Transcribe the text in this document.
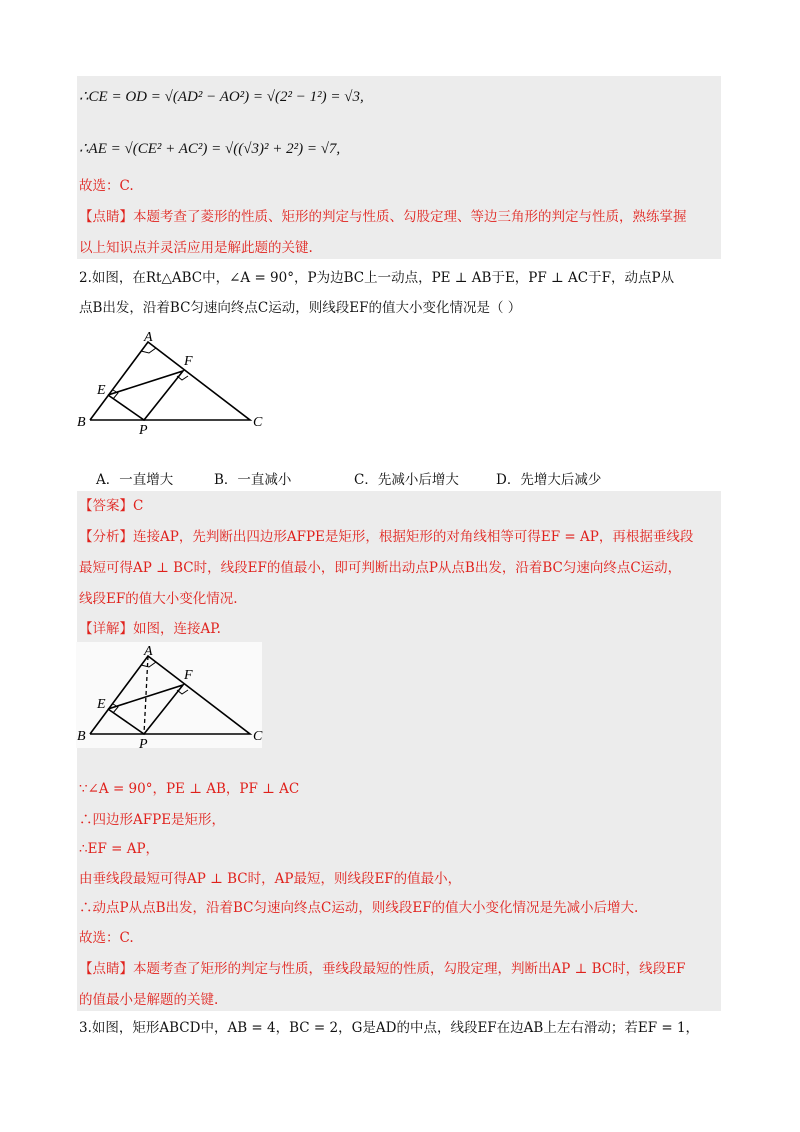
∴CE = OD = √(AD² − AO²) = √(2² − 1²) = √3,
∴AE = √(CE² + AC²) = √((√3)² + 2²) = √7,
故选：C.
【点睛】本题考查了菱形的性质、矩形的判定与性质、勾股定理、等边三角形的判定与性质，熟练掌握
以上知识点并灵活应用是解此题的关键.
2.如图，在Rt△ABC中，∠A = 90°，P为边BC上一动点，PE ⊥ AB于E，PF ⊥ AC于F，动点P从
点B出发，沿着BC匀速向终点C运动，则线段EF的值大小变化情况是（ ）
A
F
E
B
P
C
A．一直增大	B．一直减小	C．先减小后增大	D．先增大后减少
【答案】C
【分析】连接AP，先判断出四边形AFPE是矩形，根据矩形的对角线相等可得EF = AP，再根据垂线段
最短可得AP ⊥ BC时，线段EF的值最小，即可判断出动点P从点B出发，沿着BC匀速向终点C运动，
线段EF的值大小变化情况.
【详解】如图，连接AP.
A
F
E
B
P
C
∵∠A = 90°，PE ⊥ AB，PF ⊥ AC
∴四边形AFPE是矩形，
∴EF = AP，
由垂线段最短可得AP ⊥ BC时，AP最短，则线段EF的值最小，
∴动点P从点B出发，沿着BC匀速向终点C运动，则线段EF的值大小变化情况是先减小后增大.
故选：C.
【点睛】本题考查了矩形的判定与性质，垂线段最短的性质，勾股定理，判断出AP ⊥ BC时，线段EF
的值最小是解题的关键.
3.如图，矩形ABCD中，AB = 4，BC = 2，G是AD的中点，线段EF在边AB上左右滑动；若EF = 1，
